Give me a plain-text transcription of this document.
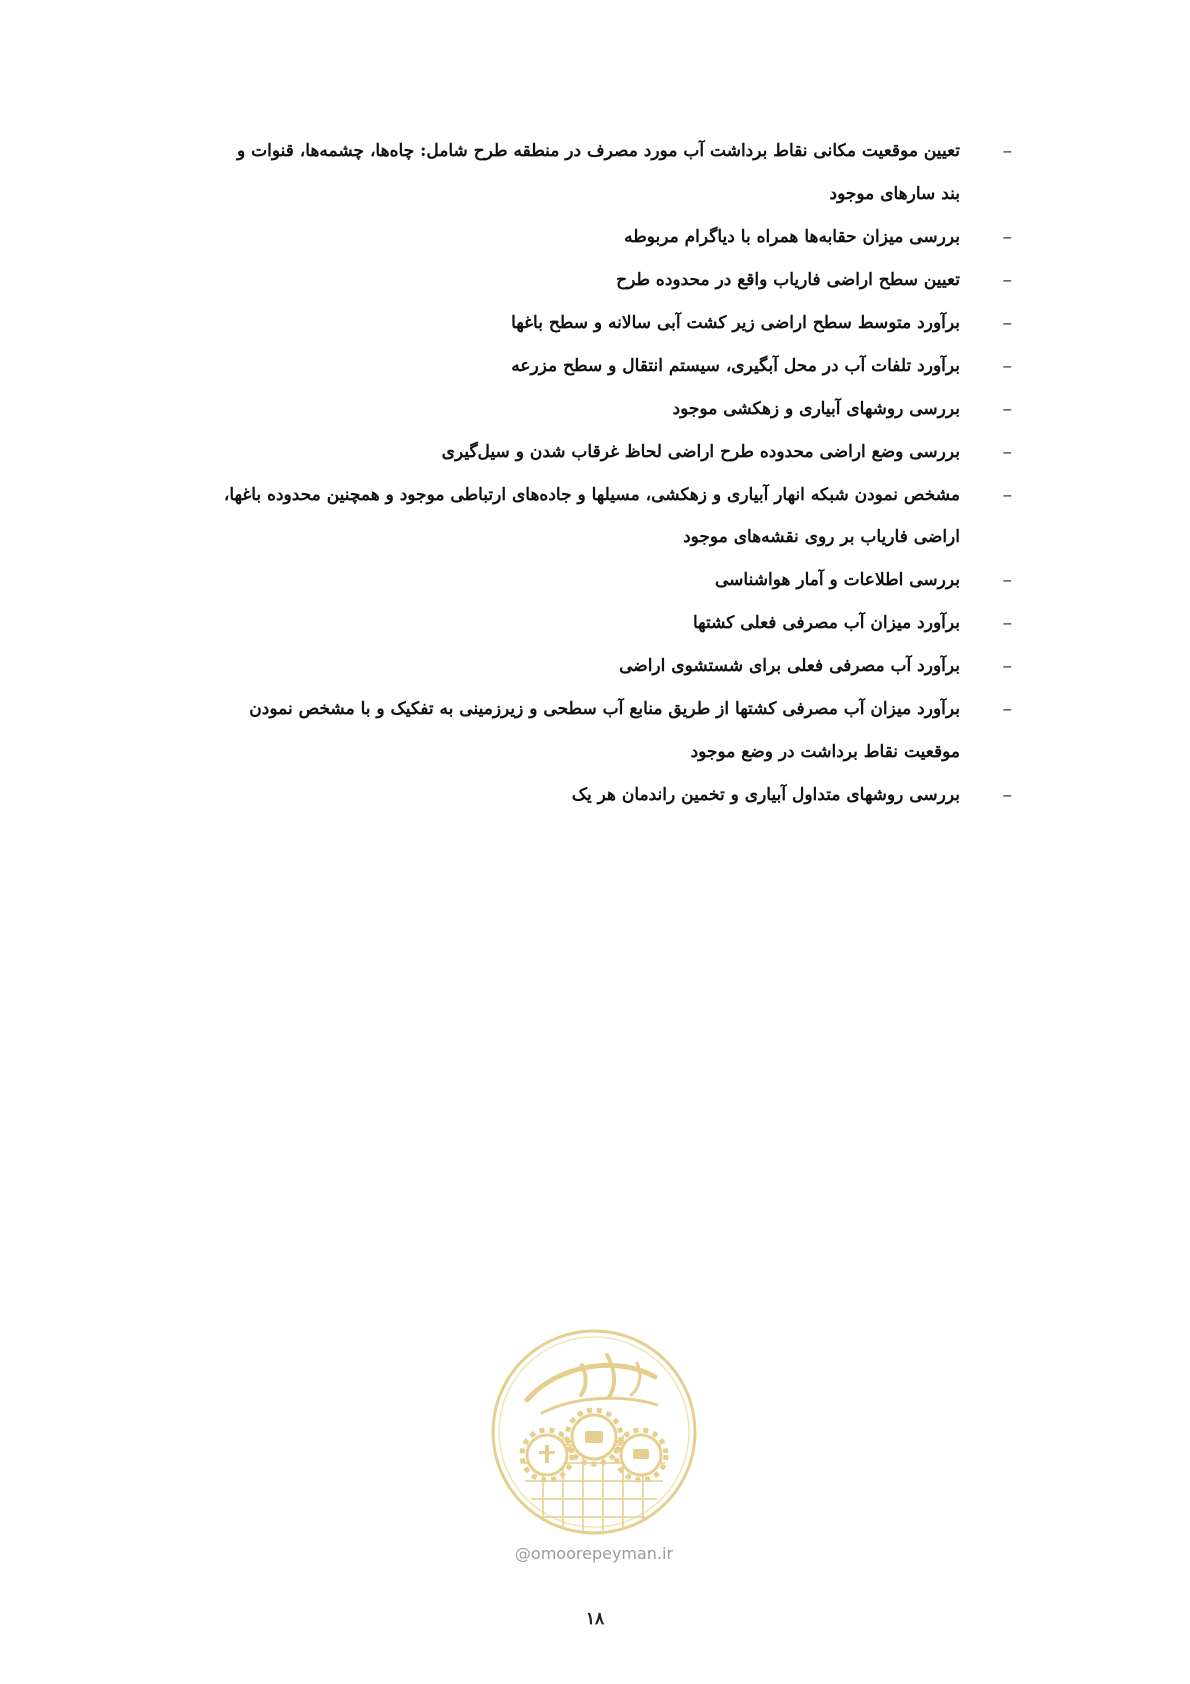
–
تعیین موقعیت مکانی نقاط برداشت آب مورد مصرف در منطقه طرح شامل: چاه‌ها، چشمه‌ها، قنوات و بند سارهای موجود
–
بررسی میزان حقابه‌ها همراه با دیاگرام مربوطه
–
تعیین سطح اراضی فاریاب واقع در محدوده طرح
–
برآورد متوسط سطح اراضی زیر کشت آبی سالانه و سطح باغها
–
برآورد تلفات آب در محل آبگیری، سیستم انتقال و سطح مزرعه
–
بررسی روشهای آبیاری و زهکشی موجود
–
بررسی وضع اراضی محدوده طرح اراضی لحاظ غرقاب شدن و سیل‌گیری
–
مشخص نمودن شبکه انهار آبیاری و زهکشی، مسیلها و جاده‌های ارتباطی موجود و همچنین محدوده باغها، اراضی فاریاب بر روی نقشه‌های موجود
–
بررسی اطلاعات و آمار هواشناسی
–
برآورد میزان آب مصرفی فعلی کشتها
–
برآورد آب مصرفی فعلی برای شستشوی اراضی
–
برآورد میزان آب مصرفی کشتها از طریق منابع آب سطحی و زیرزمینی به تفکیک و با مشخص نمودن موقعیت نقاط برداشت در وضع موجود
–
بررسی روشهای متداول آبیاری و تخمین راندمان هر یک
@omoorepeyman.ir
۱۸
